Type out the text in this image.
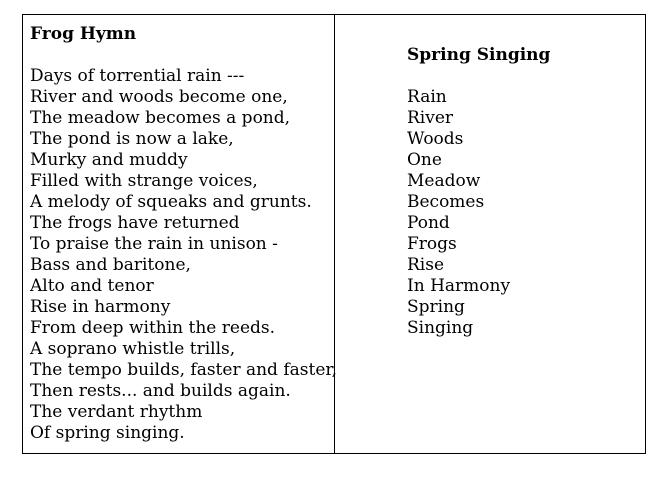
Frog Hymn
Days of torrential rain ---
River and woods become one,
The meadow becomes a pond,
The pond is now a lake,
Murky and muddy
Filled with strange voices,
A melody of squeaks and grunts.
The frogs have returned
To praise the rain in unison -
Bass and baritone,
Alto and tenor
Rise in harmony
From deep within the reeds.
A soprano whistle trills,
The tempo builds, faster and faster,
Then rests... and builds again.
The verdant rhythm
Of spring singing.
Spring Singing
Rain
River
Woods
One
Meadow
Becomes
Pond
Frogs
Rise
In Harmony
Spring
Singing
